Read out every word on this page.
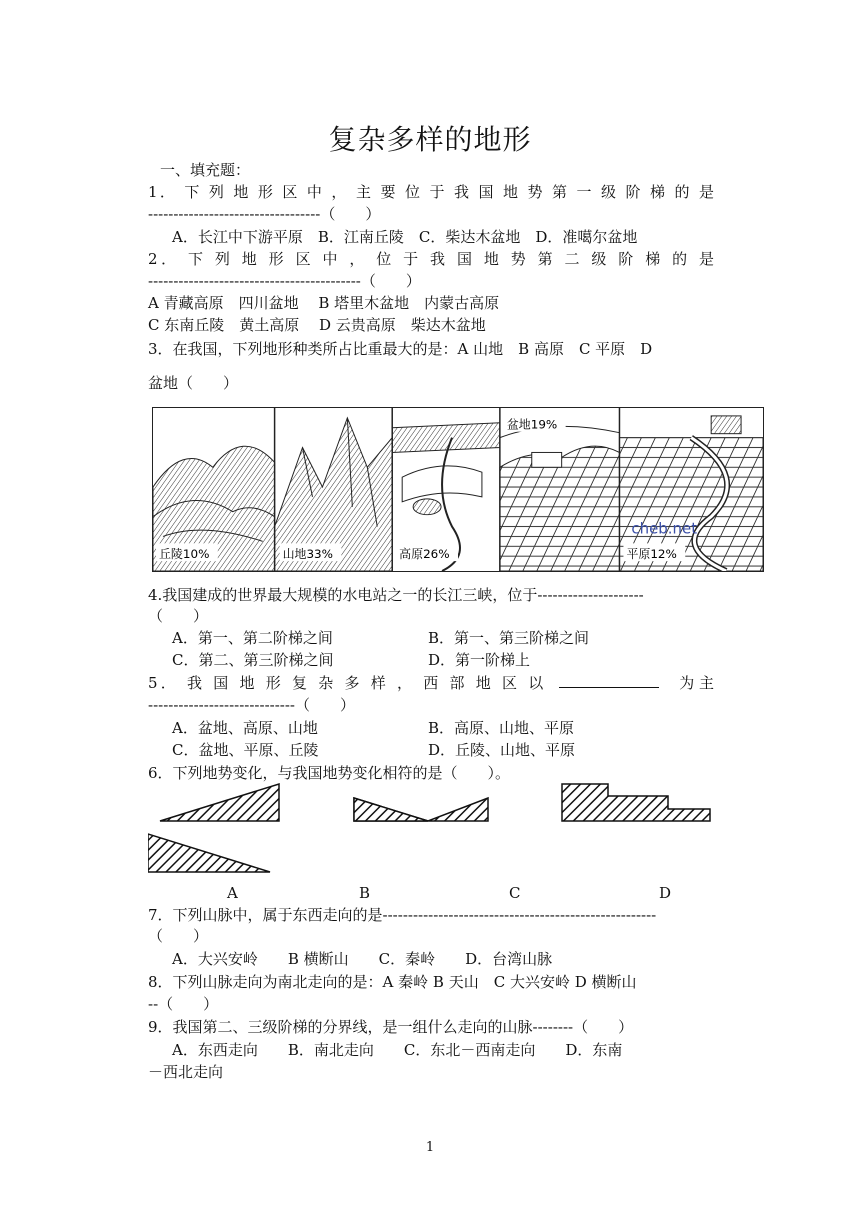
复杂多样的地形
一、填充题：
1． 下 列 地 形 区 中 ， 主 要 位 于 我 国 地 势 第 一 级 阶 梯 的 是
----------------------------------（　　）
A．长江中下游平原　B．江南丘陵　C．柴达木盆地　D．准噶尔盆地
2． 下 列 地 形 区 中 ， 位 于 我 国 地 势 第 二 级 阶 梯 的 是
------------------------------------------（　　）
A 青藏高原　四川盆地　 B 塔里木盆地　内蒙古高原
C 东南丘陵　黄土高原　 D 云贵高原　柴达木盆地
3．在我国，下列地形种类所占比重最大的是：A 山地　B 高原　C 平原　D
盆地（　　）
丘陵10%	山地33%	高原26%
盆地19%
平原12%
cheb.net
4.我国建成的世界最大规模的水电站之一的长江三峡，位于---------------------
（　　）
A．第一、第二阶梯之间	B．第一、第三阶梯之间
C．第二、第三阶梯之间	D．第一阶梯上
5． 我 国 地 形 复 杂 多 样 ， 西 部 地 区 以	为 主
-----------------------------（　　）
A．盆地、高原、山地	B．高原、山地、平原
C．盆地、平原、丘陵	D．丘陵、山地、平原
6．下列地势变化，与我国地势变化相符的是（　　）。
A	B	C	D
7．下列山脉中，属于东西走向的是------------------------------------------------------
（　　）
A．大兴安岭　　B 横断山　　C．秦岭　　D．台湾山脉
8．下列山脉走向为南北走向的是：A 秦岭 B 天山　C 大兴安岭 D 横断山
--（　　）
9．我国第二、三级阶梯的分界线，是一组什么走向的山脉--------（　　）
A．东西走向　　B．南北走向　　C．东北－西南走向　　D．东南
－西北走向
1
